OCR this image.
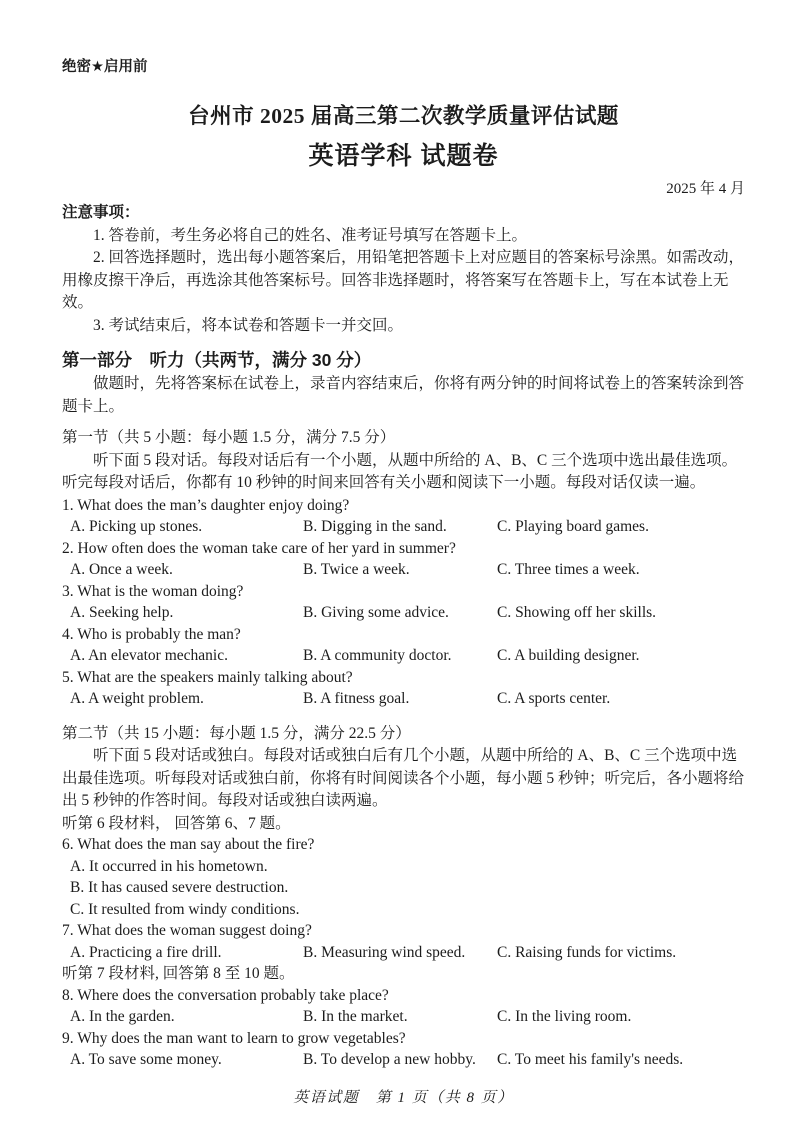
绝密★启用前
台州市 2025 届高三第二次教学质量评估试题
英语学科 试题卷
2025 年 4 月
注意事项：

1. 答卷前，考生务必将自己的姓名、准考证号填写在答题卡上。

2. 回答选择题时，选出每小题答案后，用铅笔把答题卡上对应题目的答案标号涂黑。如需改动，用橡皮擦干净后，再选涂其他答案标号。回答非选择题时，将答案写在答题卡上，写在本试卷上无效。

3. 考试结束后，将本试卷和答题卡一并交回。

第一部分　听力（共两节，满分 30 分）

做题时，先将答案标在试卷上，录音内容结束后，你将有两分钟的时间将试卷上的答案转涂到答题卡上。

第一节（共 5 小题：每小题 1.5 分，满分 7.5 分）

听下面 5 段对话。每段对话后有一个小题，从题中所给的 A、B、C 三个选项中选出最佳选项。听完每段对话后，你都有 10 秒钟的时间来回答有关小题和阅读下一小题。每段对话仅读一遍。

1. What does the man’s daughter enjoy doing?
A. Picking up stones.	B. Digging in the sand.	C. Playing board games.
2. How often does the woman take care of her yard in summer?
A. Once a week.	B. Twice a week.	C. Three times a week.
3. What is the woman doing?
A. Seeking help.	B. Giving some advice.	C. Showing off her skills.
4. Who is probably the man?
A. An elevator mechanic.	B. A community doctor.	C. A building designer.
5. What are the speakers mainly talking about?
A. A weight problem.	B. A fitness goal.	C. A sports center.
第二节（共 15 小题：每小题 1.5 分，满分 22.5 分）

听下面 5 段对话或独白。每段对话或独白后有几个小题，从题中所给的 A、B、C 三个选项中选出最佳选项。听每段对话或独白前，你将有时间阅读各个小题，每小题 5 秒钟；听完后，各小题将给出 5 秒钟的作答时间。每段对话或独白读两遍。

听第 6 段材料， 回答第 6、7 题。
6. What does the man say about the fire?
A. It occurred in his hometown.
B. It has caused severe destruction.
C. It resulted from windy conditions.
7. What does the woman suggest doing?
A. Practicing a fire drill.	B. Measuring wind speed.	C. Raising funds for victims.
听第 7 段材料, 回答第 8 至 10 题。
8. Where does the conversation probably take place?
A. In the garden.	B. In the market.	C. In the living room.
9. Why does the man want to learn to grow vegetables?
A. To save some money.	B. To develop a new hobby.	C. To meet his family's needs.
英语试题　第 1 页（共 8 页）
